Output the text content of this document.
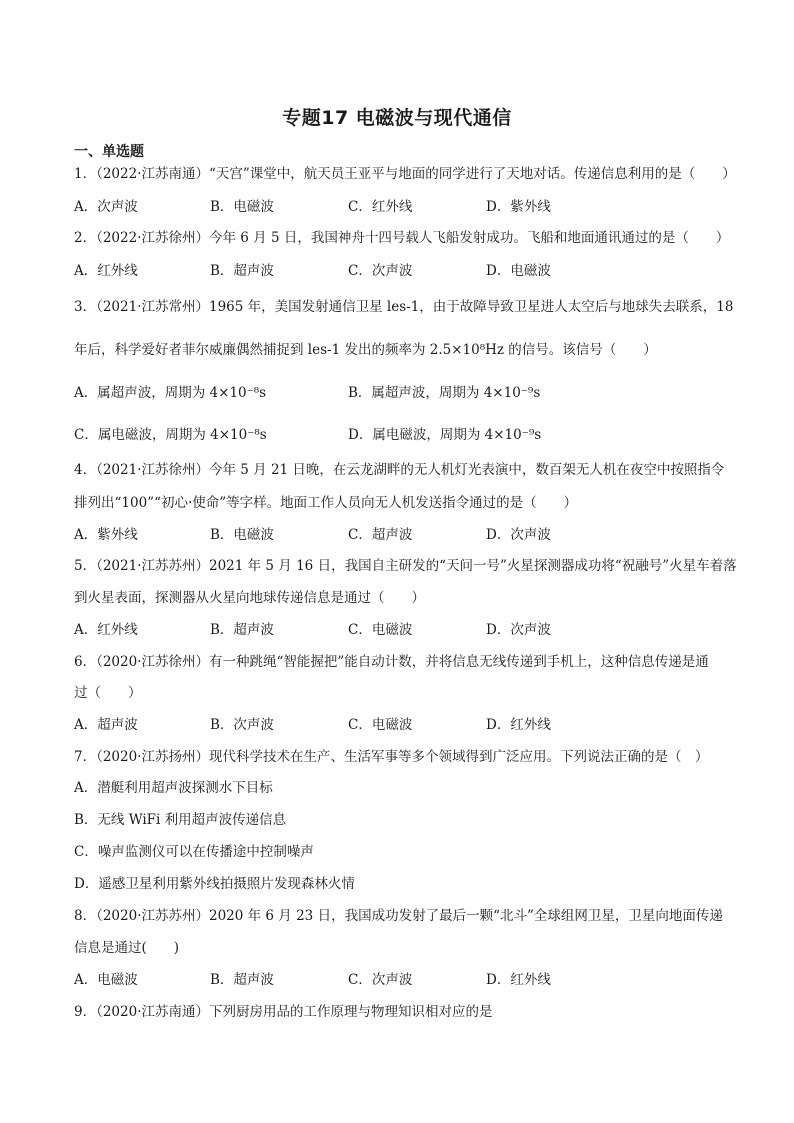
专题17 电磁波与现代通信
一、单选题
1．（2022·江苏南通）“天宫”课堂中，航天员王亚平与地面的同学进行了天地对话。传递信息利用的是（　　）
A．次声波	B．电磁波	C．红外线	D．紫外线
2．（2022·江苏徐州）今年 6 月 5 日，我国神舟十四号载人飞船发射成功。飞船和地面通讯通过的是（　　）
A．红外线	B．超声波	C．次声波	D．电磁波
3．（2021·江苏常州）1965 年，美国发射通信卫星 les-1，由于故障导致卫星进人太空后与地球失去联系，18
年后，科学爱好者菲尔威廉偶然捕捉到 les-1 发出的频率为 2.5×10⁸Hz 的信号。该信号（　　）
A．属超声波，周期为 4×10⁻⁸s	B．属超声波，周期为 4×10⁻⁹s
C．属电磁波，周期为 4×10⁻⁸s	D．属电磁波，周期为 4×10⁻⁹s
4．（2021·江苏徐州）今年 5 月 21 日晚，在云龙湖畔的无人机灯光表演中，数百架无人机在夜空中按照指令
排列出“100”“初心·使命”等字样。地面工作人员向无人机发送指令通过的是（　　）
A．紫外线	B．电磁波	C．超声波	D．次声波
5．（2021·江苏苏州）2021 年 5 月 16 日，我国自主研发的“天问一号”火星探测器成功将“祝融号”火星车着落
到火星表面，探测器从火星向地球传递信息是通过（　　）
A．红外线	B．超声波	C．电磁波	D．次声波
6．（2020·江苏徐州）有一种跳绳“智能握把”能自动计数，并将信息无线传递到手机上，这种信息传递是通
过（　　）
A．超声波	B．次声波	C．电磁波	D．红外线
7．（2020·江苏扬州）现代科学技术在生产、生活军事等多个领域得到广泛应用。下列说法正确的是（　）
A．潜艇利用超声波探测水下目标
B．无线 WiFi 利用超声波传递信息
C．噪声监测仪可以在传播途中控制噪声
D．遥感卫星利用紫外线拍摄照片发现森林火情
8．（2020·江苏苏州）2020 年 6 月 23 日，我国成功发射了最后一颗“北斗”全球组网卫星，卫星向地面传递
信息是通过(　　)
A．电磁波	B．超声波	C．次声波	D．红外线
9．（2020·江苏南通）下列厨房用品的工作原理与物理知识相对应的是
